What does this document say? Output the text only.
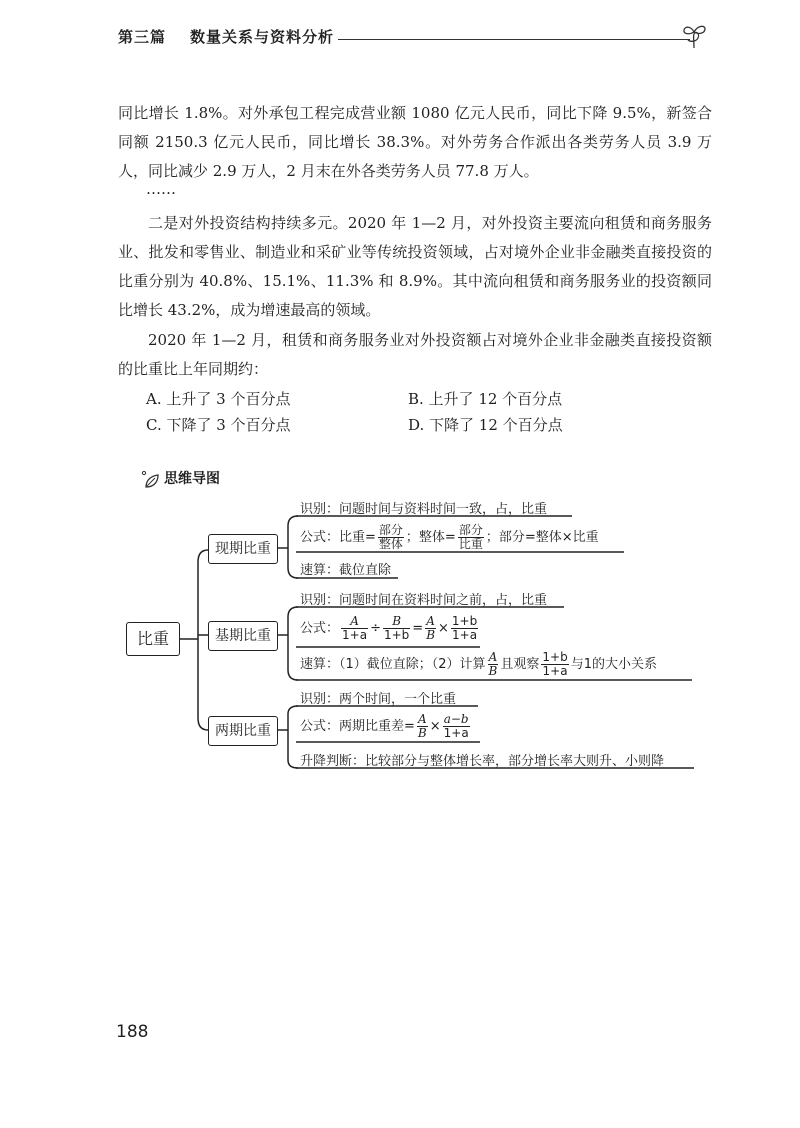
第三篇 数量关系与资料分析
同比增长 1.8%。对外承包工程完成营业额 1080 亿元人民币，同比下降 9.5%，新签合同额 2150.3 亿元人民币，同比增长 38.3%。对外劳务合作派出各类劳务人员 3.9 万人，同比减少 2.9 万人，2 月末在外各类劳务人员 77.8 万人。
……
二是对外投资结构持续多元。2020 年 1—2 月，对外投资主要流向租赁和商务服务业、批发和零售业、制造业和采矿业等传统投资领域，占对境外企业非金融类直接投资的比重分别为 40.8%、15.1%、11.3% 和 8.9%。其中流向租赁和商务服务业的投资额同比增长 43.2%，成为增速最高的领域。
2020 年 1—2 月，租赁和商务服务业对外投资额占对境外企业非金融类直接投资额的比重比上年同期约：
A. 上升了 3 个百分点	B. 上升了 12 个百分点
C. 下降了 3 个百分点	D. 下降了 12 个百分点
思维导图
比重
现期比重
识别：问题时间与资料时间一致，占，比重
公式：比重= $\frac{\text{部分}}{\text{整体}}$ ；整体= $\frac{\text{部分}}{\text{比重}}$ ；部分=整体×比重
速算：截位直除
基期比重
识别：问题时间在资料时间之前，占，比重
公式： $\frac{A}{1+a} \div \frac{B}{1+b} = \frac{A}{B} \times \frac{1+b}{1+a}$
速算：（1）截位直除；（2）计算 $\frac{A}{B}$ 且观察 $\frac{1+b}{1+a}$ 与1的大小关系
两期比重
识别：两个时间，一个比重
公式：两期比重差= $\frac{A}{B} \times \frac{a-b}{1+a}$
升降判断：比较部分与整体增长率，部分增长率大则升、小则降
188
